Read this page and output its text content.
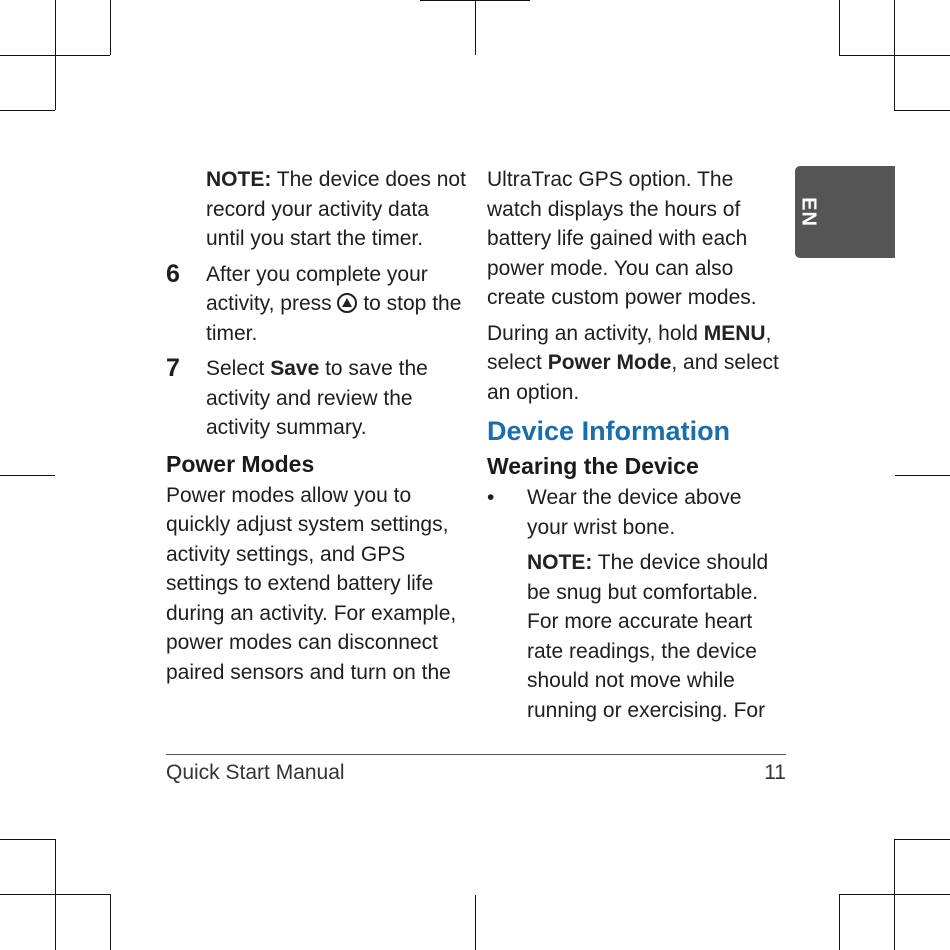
EN

NOTE: The device does not record your activity data until you start the timer.

6 After you complete your activity, press  to stop the timer.
7 Select Save to save the activity and review the activity summary.
Power Modes

Power modes allow you to quickly adjust system settings, activity settings, and GPS settings to extend battery life during an activity. For example, power modes can disconnect paired sensors and turn on the

UltraTrac GPS option. The watch displays the hours of battery life gained with each power mode. You can also create custom power modes.

During an activity, hold MENU, select Power Mode, and select an option.

Device Information
Wearing the Device
• Wear the device above your wrist bone.

NOTE: The device should be snug but comfortable. For more accurate heart rate readings, the device should not move while running or exercising. For

Quick Start Manual	11
